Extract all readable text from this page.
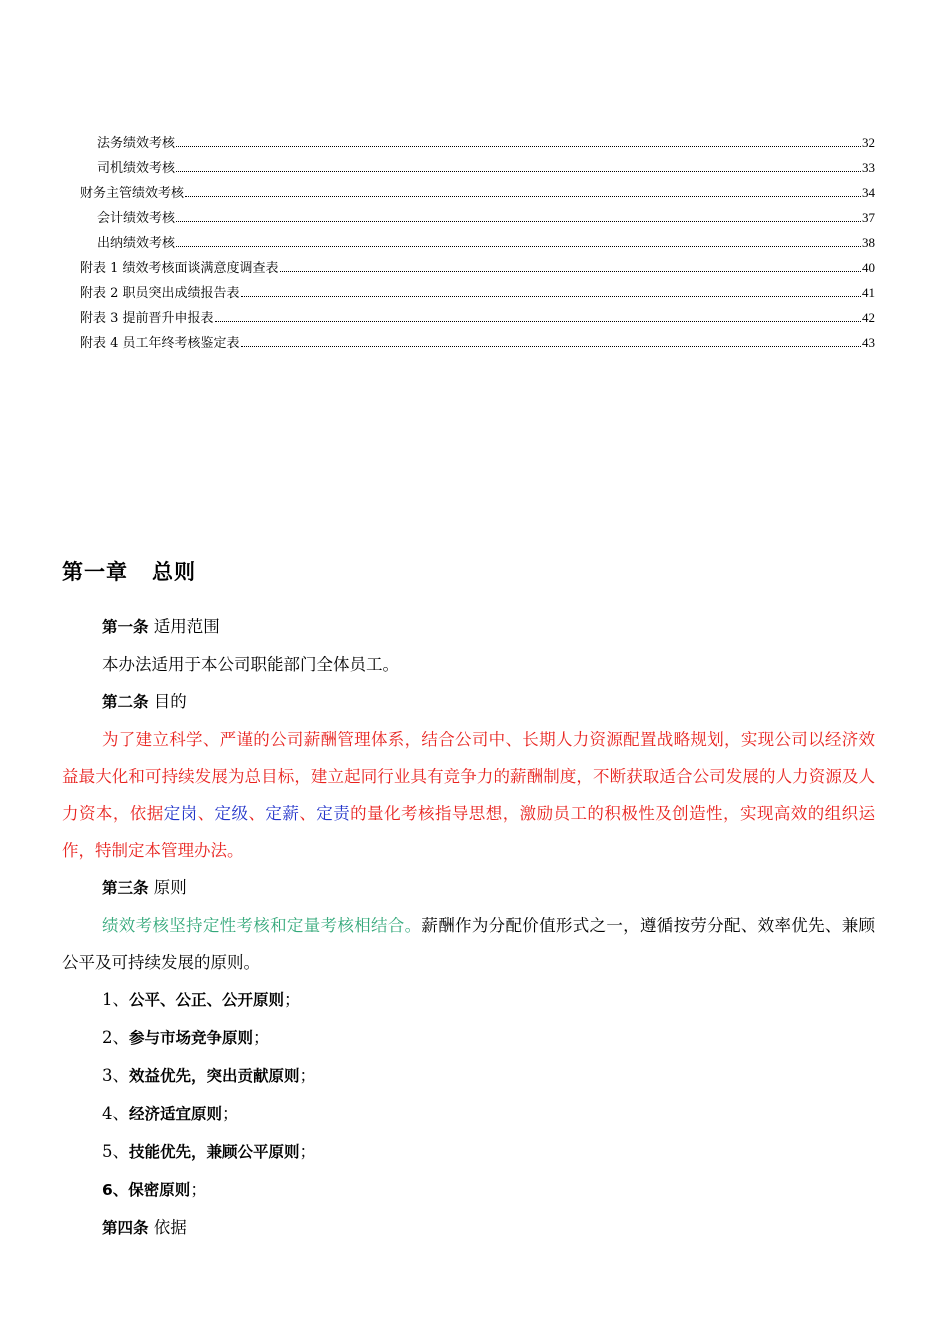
法务绩效考核	32
司机绩效考核	33
财务主管绩效考核	34
会计绩效考核	37
出纳绩效考核	38
附表 1 绩效考核面谈满意度调查表	40
附表 2 职员突出成绩报告表	41
附表 3 提前晋升申报表	42
附表 4 员工年终考核鉴定表	43
第一章 总则

第一条 适用范围

本办法适用于本公司职能部门全体员工。

第二条 目的

为了建立科学、严谨的公司薪酬管理体系，结合公司中、长期人力资源配置战略规划，实现公司以经济效益最大化和可持续发展为总目标，建立起同行业具有竞争力的薪酬制度，不断获取适合公司发展的人力资源及人力资本，依据定岗、定级、定薪、定责的量化考核指导思想，激励员工的积极性及创造性，实现高效的组织运作，特制定本管理办法。

第三条 原则

绩效考核坚持定性考核和定量考核相结合。薪酬作为分配价值形式之一，遵循按劳分配、效率优先、兼顾公平及可持续发展的原则。

1、公平、公正、公开原则；

2、参与市场竞争原则；

3、效益优先，突出贡献原则；

4、经济适宜原则；

5、技能优先，兼顾公平原则；

6、保密原则；

第四条 依据
